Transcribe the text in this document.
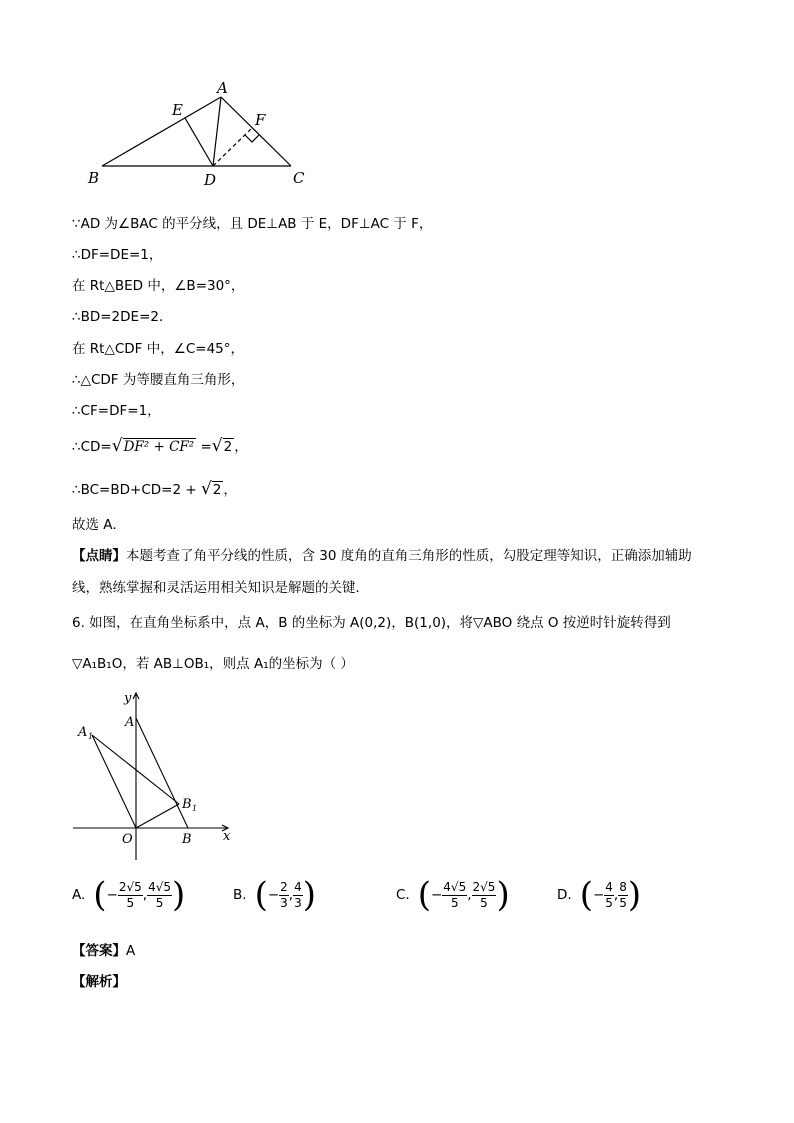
A
B	C
D
E
F
∵AD 为∠BAC 的平分线，且 DE⊥AB 于 E，DF⊥AC 于 F，
∴DF=DE=1，
在 Rt△BED 中，∠B=30°，
∴BD=2DE=2．
在 Rt△CDF 中，∠C=45°，
∴△CDF 为等腰直角三角形，
∴CF=DF=1，
∴CD=√DF² + CF² =√2 ，
∴BC=BD+CD=2 + √2 ，
故选 A．
【点睛】本题考查了角平分线的性质，含 30 度角的直角三角形的性质，勾股定理等知识，正确添加辅助
线，熟练掌握和灵活运用相关知识是解题的关键．
6. 如图，在直角坐标系中，点 A，B 的坐标为 A(0,2)，B(1,0)，将▽ABO 绕点 O 按逆时针旋转得到
▽A₁B₁O，若 AB⊥OB₁，则点 A₁的坐标为（ ）
y
x
O
A
B
A 1
B 1
A. ( − $\frac{2√5}{5}$ , $\frac{4√5}{5}$ )	B. ( − $\frac{2}{3}$ , $\frac{4}{3}$ )	C. ( − $\frac{4√5}{5}$ , $\frac{2√5}{5}$ )	D. ( − $\frac{4}{5}$ , $\frac{8}{5}$ )
【答案】A
【解析】
